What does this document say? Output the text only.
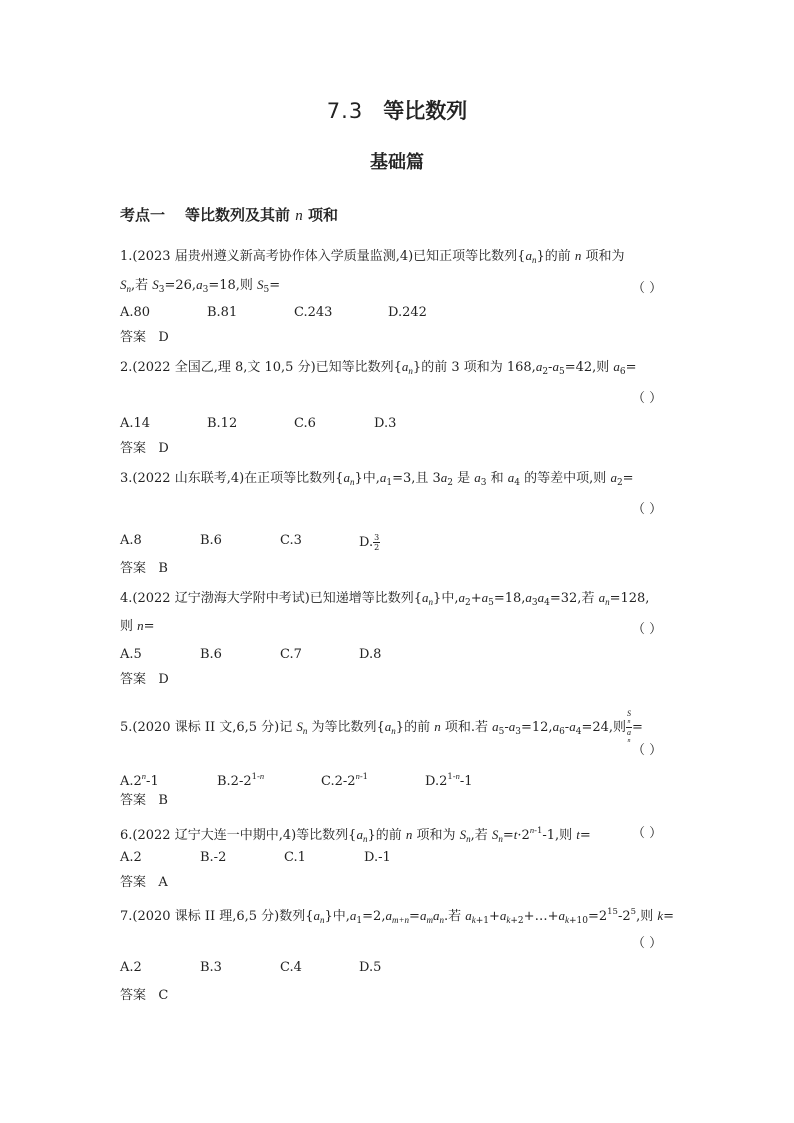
7.3 等比数列
基础篇
考点一 等比数列及其前 n 项和
1.(2023 届贵州遵义新高考协作体入学质量监测,4)已知正项等比数列$\{a_n\}$的前 n 项和为
$S_n$,若 $S_3=26,a_3=18$,则 $S_5=$	（ ）
A.80	B.81	C.243	D.242
答案 D
2.(2022 全国乙,理 8,文 10,5 分)已知等比数列$\{a_n\}$的前 3 项和为 $168,a_2-a_5=42$,则 $a_6=$
（ ）
A.14	B.12	C.6	D.3
答案 D
3.(2022 山东联考,4)在正项等比数列$\{a_n\}$中$,a_1=3$,且 $3a_2$ 是 $a_3$ 和 $a_4$ 的等差中项,则 $a_2=$
（ ）
A.8	B.6	C.3	D. $\frac{3}{2}$
答案 B
4.(2022 辽宁渤海大学附中考试)已知递增等比数列$\{a_n\}$中$,a_2+a_5=18,a_3a_4=32$,若 $a_n=128$,
则 n=	（ ）
A.5	B.6	C.7	D.8
答案 D
5.(2020 课标 II 文,6,5 分)记 $S_n$ 为等比数列$\{a_n\}$的前 n 项和.若 $a_5-a_3=12,a_6-a_4=24$,则 S
n
a
n =
（ ）
A.2$^n$-1	B.2-2$^{1-n}$	C.2-2$^{n-1}$	D.2$^{1-n}$-1
答案 B
6.(2022 辽宁大连一中期中,4)等比数列$\{a_n\}$的前 n 项和为 $S_n$,若 $S_n=t\cdot 2^{n-1}-1$,则 t=	（ ）
A.2	B.-2	C.1	D.-1
答案 A
7.(2020 课标 II 理,6,5 分)数列$\{a_n\}$中$,a_1=2,a_{m+n}=a_ma_n$.若 $a_{k+1}+a_{k+2}+\dots+a_{k+10}=2^{15}-2^5$,则 k=
（ ）
A.2	B.3	C.4	D.5
答案 C
